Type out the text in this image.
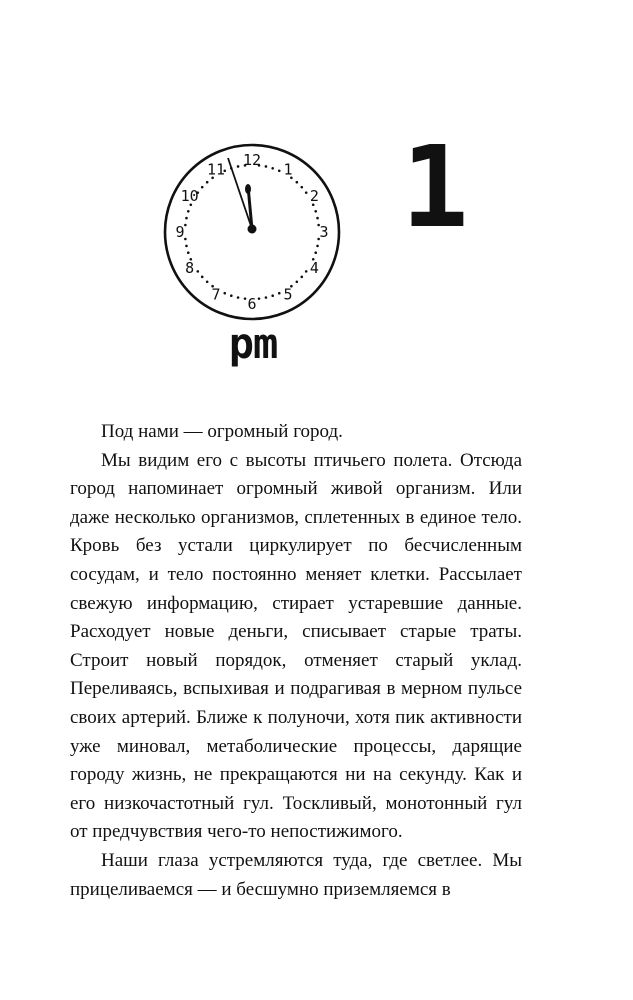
12
1
2
3
4
5
6
7
8
9
10
11 1
pm

Под нами — огромный город.

Мы видим его с высоты птичьего полета. Отсюда город напоминает огромный живой организм. Или даже несколько организмов, сплетенных в единое тело. Кровь без устали циркулирует по бесчисленным сосудам, и тело постоянно меняет клетки. Рассылает свежую информацию, стирает устаревшие данные. Расходует новые деньги, списывает старые траты. Строит новый порядок, отменяет старый уклад. Переливаясь, вспыхивая и подрагивая в мерном пульсе своих артерий. Ближе к полуночи, хотя пик активности уже миновал, метаболические процессы, дарящие городу жизнь, не прекращаются ни на секунду. Как и его низкочастотный гул. Тоскливый, монотонный гул от предчувствия чего-то непостижимого.

Наши глаза устремляются туда, где светлее. Мы прицеливаемся — и бесшумно приземляемся в
